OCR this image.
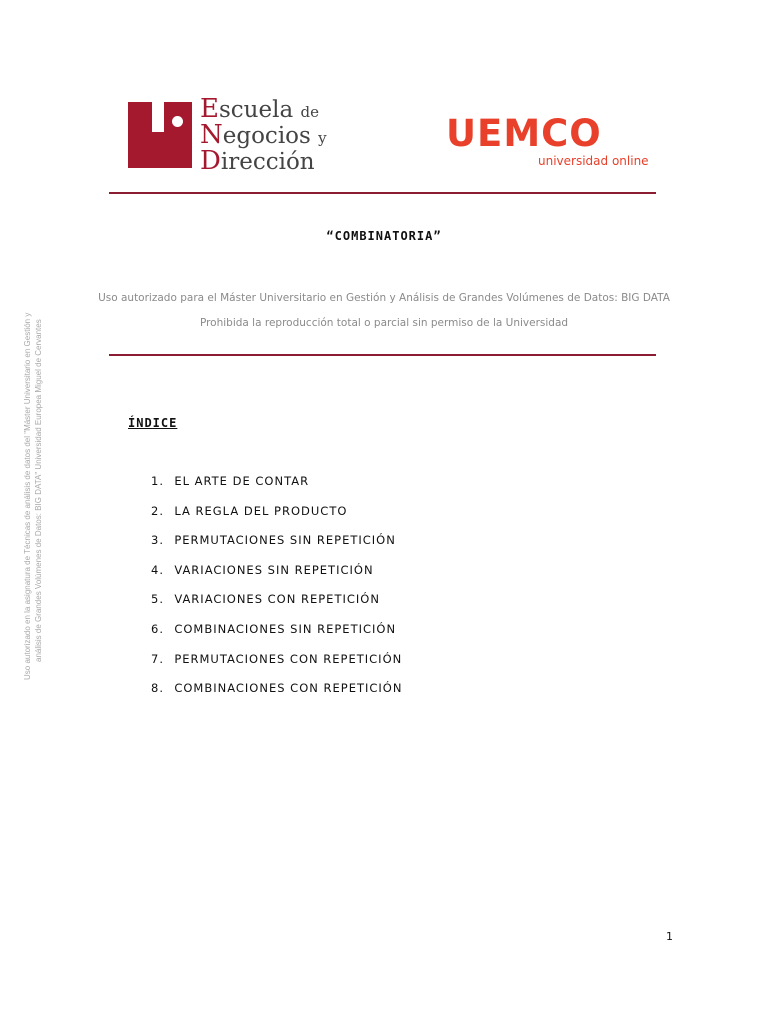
Escuela de
Negocios y
Dirección
UEMCO
universidad online
“COMBINATORIA”
Uso autorizado para el Máster Universitario en Gestión y Análisis de Grandes Volúmenes de Datos: BIG DATA
Prohibida la reproducción total o parcial sin permiso de la Universidad
Uso autorizado en la asignatura de Técnicas de análisis de datos del "Máster Universitario en Gestión y análisis de Grandes Volúmenes de Datos: BIG DATA" Universidad Europea Miguel de Cervantes	ÍNDICE
1.
EL ARTE DE CONTAR
2.
LA REGLA DEL PRODUCTO
3.
PERMUTACIONES SIN REPETICIÓN
4.
VARIACIONES SIN REPETICIÓN
5.
VARIACIONES CON REPETICIÓN
6.
COMBINACIONES SIN REPETICIÓN
7.
PERMUTACIONES CON REPETICIÓN
8.
COMBINACIONES CON REPETICIÓN
1
